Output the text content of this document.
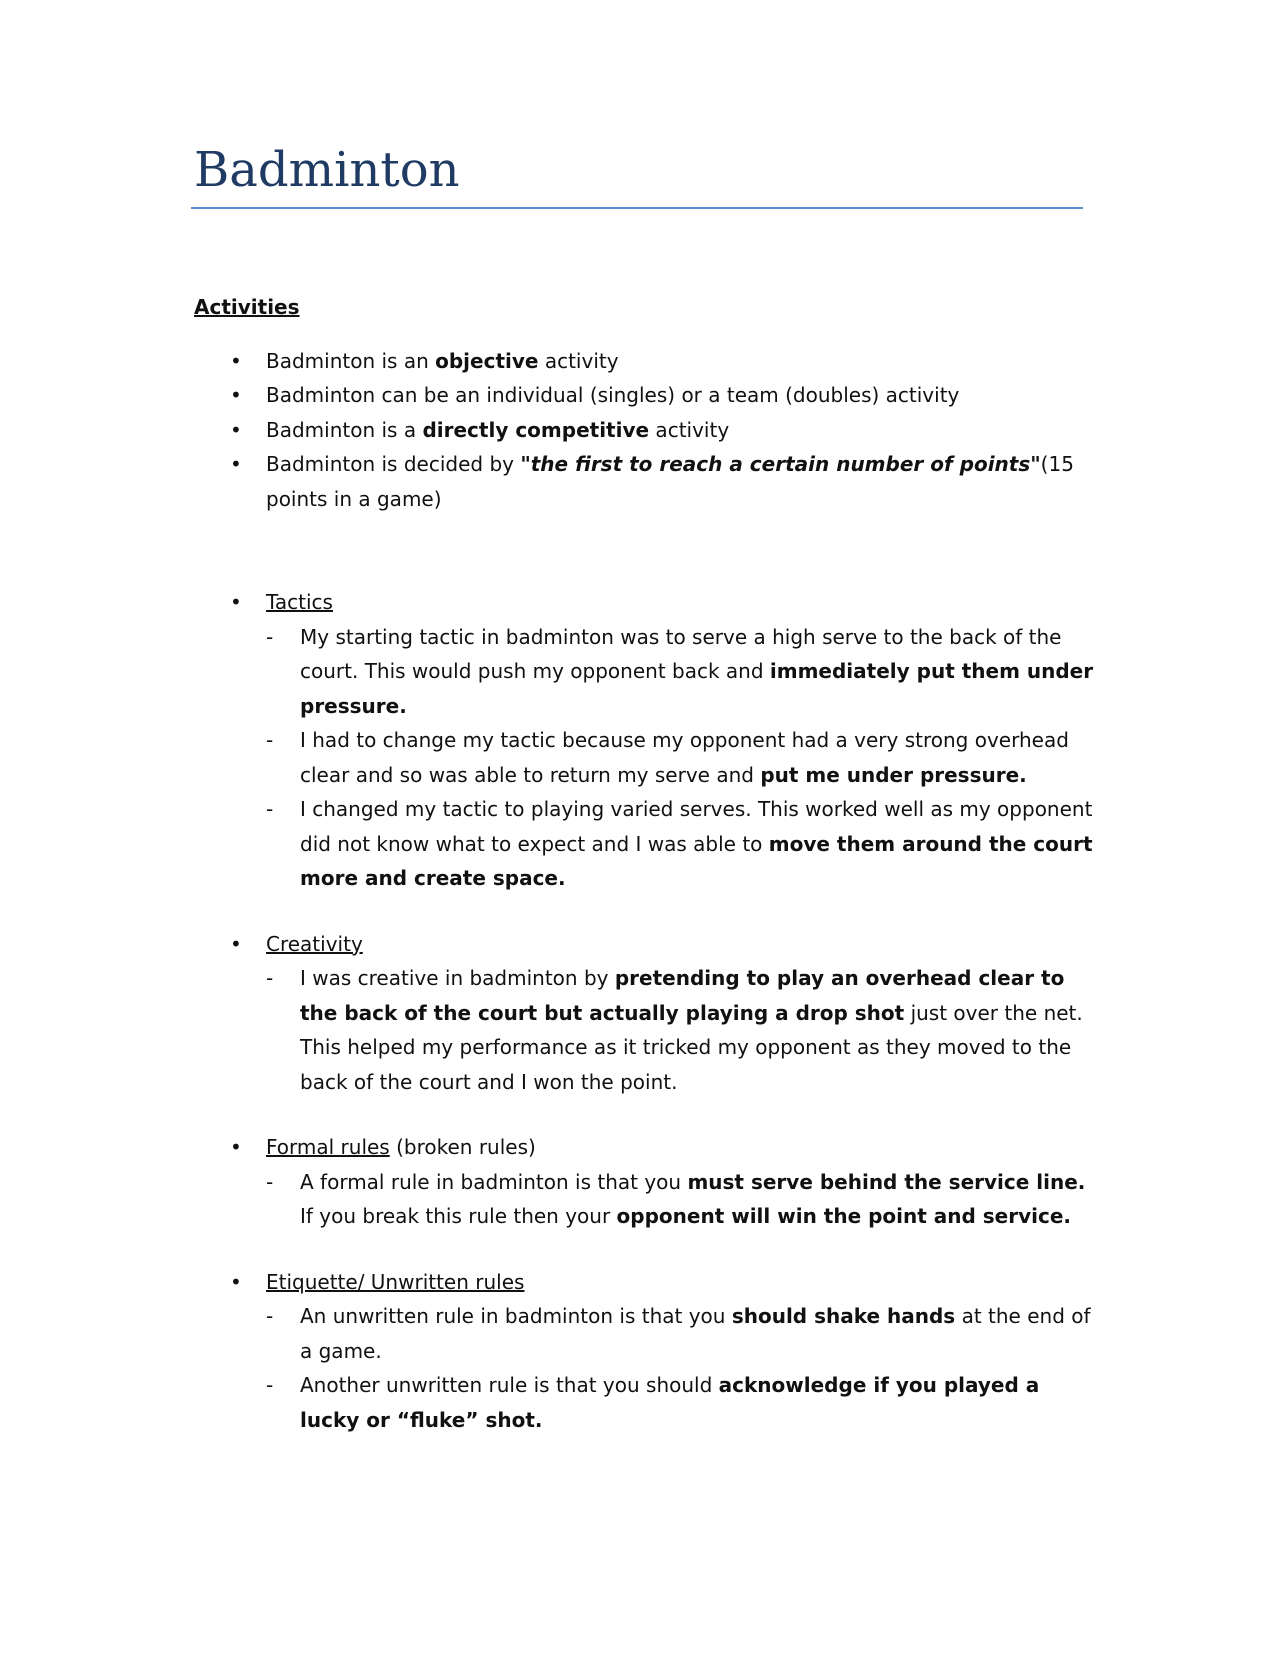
Badminton
Activities
• Badminton is an objective activity
• Badminton can be an individual (singles) or a team (doubles) activity
• Badminton is a directly competitive activity
• Badminton is decided by "the first to reach a certain number of points"(15 points in a game)
• Tactics
- My starting tactic in badminton was to serve a high serve to the back of the court. This would push my opponent back and immediately put them under pressure.
- I had to change my tactic because my opponent had a very strong overhead clear and so was able to return my serve and put me under pressure.
- I changed my tactic to playing varied serves. This worked well as my opponent did not know what to expect and I was able to move them around the court more and create space.
• Creativity
- I was creative in badminton by pretending to play an overhead clear to the back of the court but actually playing a drop shot just over the net. This helped my performance as it tricked my opponent as they moved to the back of the court and I won the point.
• Formal rules (broken rules)
- A formal rule in badminton is that you must serve behind the service line. If you break this rule then your opponent will win the point and service.
• Etiquette/ Unwritten rules
- An unwritten rule in badminton is that you should shake hands at the end of a game.
- Another unwritten rule is that you should acknowledge if you played a lucky or “fluke” shot.
